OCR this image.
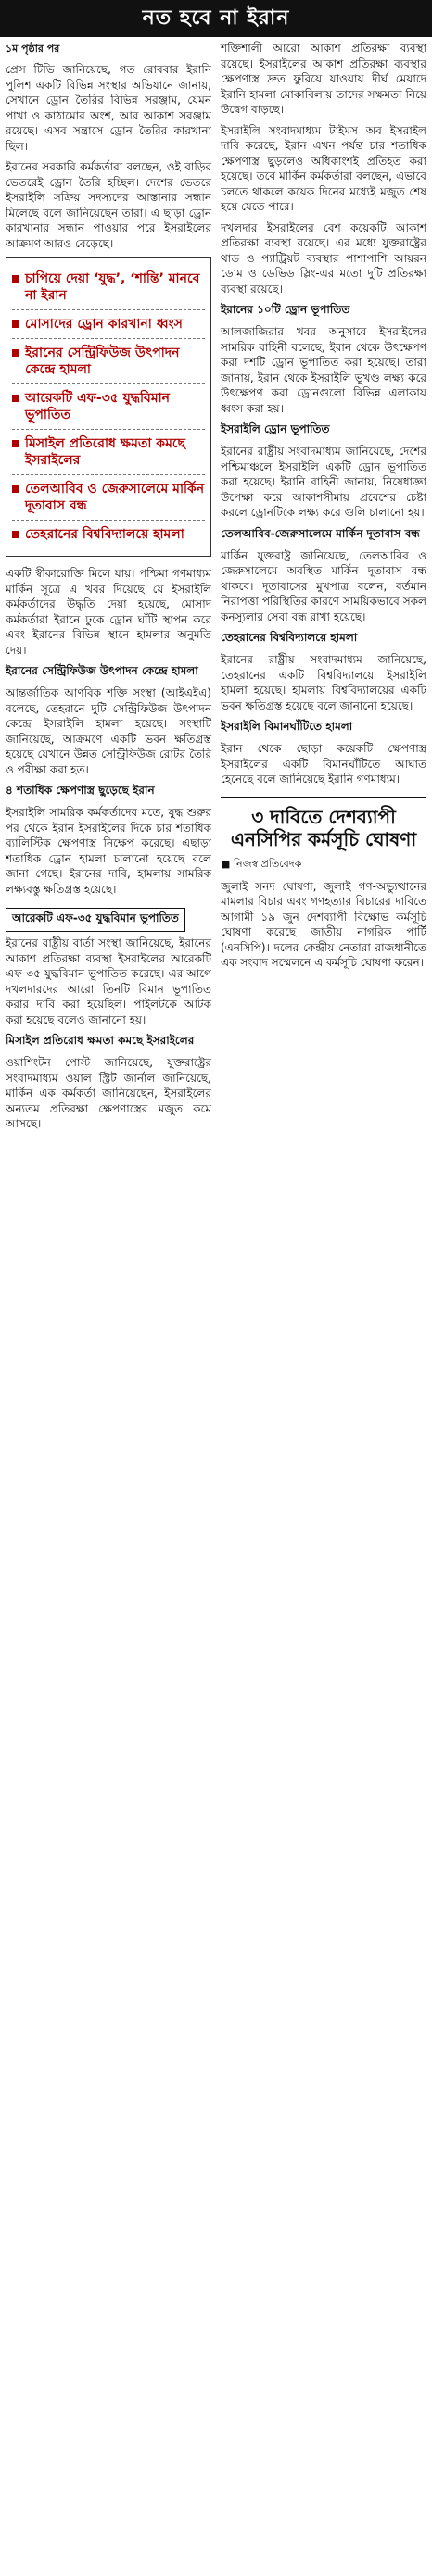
নত হবে না ইরান
১ম পৃষ্ঠার পর

প্রেস টিভি জানিয়েছে, গত রোববার ইরানি পুলিশ একটি বিভিন্ন সংস্থার অভিযানে জানায়, সেখানে ড্রোন তৈরির বিভিন্ন সরঞ্জাম, যেমন পাখা ও কাঠামোর অংশ, আর আকাশ সরঞ্জাম রয়েছে। এসব সন্ত্রাসে ড্রোন তৈরির কারখানা ছিল।

ইরানের সরকারি কর্মকর্তারা বলছেন, ওই বাড়ির ভেতরেই ড্রোন তৈরি হচ্ছিল। দেশের ভেতরে ইসরাইলি সক্রিয় সদস্যদের আস্তানার সন্ধান মিলেছে বলে জানিয়েছেন তারা। এ ছাড়া ড্রোন কারখানার সন্ধান পাওয়ার পরে ইসরাইলের আক্রমণ আরও বেড়েছে।

চাপিয়ে দেয়া ‘যুদ্ধ’, ‘শান্তি’ মানবে না ইরান
মোসাদের ড্রোন কারখানা ধ্বংস
ইরানের সেন্ট্রিফিউজ উৎপাদন কেন্দ্রে হামলা
আরেকটি এফ-৩৫ যুদ্ধবিমান ভূপাতিত
মিসাইল প্রতিরোধ ক্ষমতা কমছে ইসরাইলের
তেলআবিব ও জেরুসালেমে মার্কিন দূতাবাস বন্ধ
তেহরানের বিশ্ববিদ্যালয়ে হামলা

একটি স্বীকারোক্তি মিলে যায়। পশ্চিমা গণমাধ্যম মার্কিন সূত্রে এ খবর দিয়েছে যে ইসরাইলি কর্মকর্তাদের উদ্ধৃতি দেয়া হয়েছে, মোসাদ কর্মকর্তারা ইরানে ঢুকে ড্রোন ঘাঁটি স্থাপন করে এবং ইরানের বিভিন্ন স্থানে হামলার অনুমতি দেয়।

ইরানের সেন্ট্রিফিউজ উৎপাদন কেন্দ্রে হামলা

আন্তর্জাতিক আণবিক শক্তি সংস্থা (আইএইএ) বলেছে, তেহরানে দুটি সেন্ট্রিফিউজ উৎপাদন কেন্দ্রে ইসরাইলি হামলা হয়েছে। সংস্থাটি জানিয়েছে, আক্রমণে একটি ভবন ক্ষতিগ্রস্ত হয়েছে যেখানে উন্নত সেন্ট্রিফিউজ রোটর তৈরি ও পরীক্ষা করা হত।

৪ শতাধিক ক্ষেপণাস্ত্র ছুড়েছে ইরান

ইসরাইলি সামরিক কর্মকর্তাদের মতে, যুদ্ধ শুরুর পর থেকে ইরান ইসরাইলের দিকে চার শতাধিক ব্যালিস্টিক ক্ষেপণাস্ত্র নিক্ষেপ করেছে। এছাড়া শতাধিক ড্রোন হামলা চালানো হয়েছে বলে জানা গেছে। ইরানের দাবি, হামলায় সামরিক লক্ষ্যবস্তু ক্ষতিগ্রস্ত হয়েছে।

আরেকটি এফ-৩৫ যুদ্ধবিমান ভূপাতিত

ইরানের রাষ্ট্রীয় বার্তা সংস্থা জানিয়েছে, ইরানের আকাশ প্রতিরক্ষা ব্যবস্থা ইসরাইলের আরেকটি এফ-৩৫ যুদ্ধবিমান ভূপাতিত করেছে। এর আগে দখলদারদের আরো তিনটি বিমান ভূপাতিত করার দাবি করা হয়েছিল। পাইলটকে আটক করা হয়েছে বলেও জানানো হয়।

মিসাইল প্রতিরোধ ক্ষমতা কমছে ইসরাইলের

ওয়াশিংটন পোস্ট জানিয়েছে, যুক্তরাষ্ট্রের সংবাদমাধ্যম ওয়াল স্ট্রিট জার্নাল জানিয়েছে, মার্কিন এক কর্মকর্তা জানিয়েছেন, ইসরাইলের অন্যতম প্রতিরক্ষা ক্ষেপণাস্ত্রের মজুত কমে আসছে।

শক্তিশালী আরো আকাশ প্রতিরক্ষা ব্যবস্থা রয়েছে। ইসরাইলের আকাশ প্রতিরক্ষা ব্যবস্থার ক্ষেপণাস্ত্র দ্রুত ফুরিয়ে যাওয়ায় দীর্ঘ মেয়াদে ইরানি হামলা মোকাবিলায় তাদের সক্ষমতা নিয়ে উদ্বেগ বাড়ছে।

ইসরাইলি সংবাদমাধ্যম টাইমস অব ইসরাইল দাবি করেছে, ইরান এখন পর্যন্ত চার শতাধিক ক্ষেপণাস্ত্র ছুড়লেও অধিকাংশই প্রতিহত করা হয়েছে। তবে মার্কিন কর্মকর্তারা বলছেন, এভাবে চলতে থাকলে কয়েক দিনের মধ্যেই মজুত শেষ হয়ে যেতে পারে।

দখলদার ইসরাইলের বেশ কয়েকটি আকাশ প্রতিরক্ষা ব্যবস্থা রয়েছে। এর মধ্যে যুক্তরাষ্ট্রের থাড ও প্যাট্রিয়ট ব্যবস্থার পাশাপাশি আয়রন ডোম ও ডেভিড স্লিং-এর মতো দুটি প্রতিরক্ষা ব্যবস্থা রয়েছে।

ইরানের ১০টি ড্রোন ভূপাতিত

আলজাজিরার খবর অনুসারে ইসরাইলের সামরিক বাহিনী বলেছে, ইরান থেকে উৎক্ষেপণ করা দশটি ড্রোন ভূপাতিত করা হয়েছে। তারা জানায়, ইরান থেকে ইসরাইলি ভূখণ্ড লক্ষ্য করে উৎক্ষেপণ করা ড্রোনগুলো বিভিন্ন এলাকায় ধ্বংস করা হয়।

ইসরাইলি ড্রোন ভূপাতিত

ইরানের রাষ্ট্রীয় সংবাদমাধ্যম জানিয়েছে, দেশের পশ্চিমাঞ্চলে ইসরাইলি একটি ড্রোন ভূপাতিত করা হয়েছে। ইরানি বাহিনী জানায়, নিষেধাজ্ঞা উপেক্ষা করে আকাশসীমায় প্রবেশের চেষ্টা করলে ড্রোনটিকে লক্ষ্য করে গুলি চালানো হয়।

তেলআবিব-জেরুসালেমে মার্কিন দূতাবাস বন্ধ

মার্কিন যুক্তরাষ্ট্র জানিয়েছে, তেলআবিব ও জেরুসালেমে অবস্থিত মার্কিন দূতাবাস বন্ধ থাকবে। দূতাবাসের মুখপাত্র বলেন, বর্তমান নিরাপত্তা পরিস্থিতির কারণে সাময়িকভাবে সকল কনস্যুলার সেবা বন্ধ রাখা হয়েছে।

তেহরানের বিশ্ববিদ্যালয়ে হামলা

ইরানের রাষ্ট্রীয় সংবাদমাধ্যম জানিয়েছে, তেহরানের একটি বিশ্ববিদ্যালয়ে ইসরাইলি হামলা হয়েছে। হামলায় বিশ্ববিদ্যালয়ের একটি ভবন ক্ষতিগ্রস্ত হয়েছে বলে জানানো হয়েছে।

ইসরাইলি বিমানঘাঁটিতে হামলা

ইরান থেকে ছোড়া কয়েকটি ক্ষেপণাস্ত্র ইসরাইলের একটি বিমানঘাঁটিতে আঘাত হেনেছে বলে জানিয়েছে ইরানি গণমাধ্যম।

৩ দাবিতে দেশব্যাপী এনসিপির কর্মসূচি ঘোষণা
■ নিজস্ব প্রতিবেদক

জুলাই সনদ ঘোষণা, জুলাই গণ-অভ্যুত্থানের মামলার বিচার এবং গণহত্যার বিচারের দাবিতে আগামী ১৯ জুন দেশব্যাপী বিক্ষোভ কর্মসূচি ঘোষণা করেছে জাতীয় নাগরিক পার্টি (এনসিপি)। দলের কেন্দ্রীয় নেতারা রাজধানীতে এক সংবাদ সম্মেলনে এ কর্মসূচি ঘোষণা করেন।
